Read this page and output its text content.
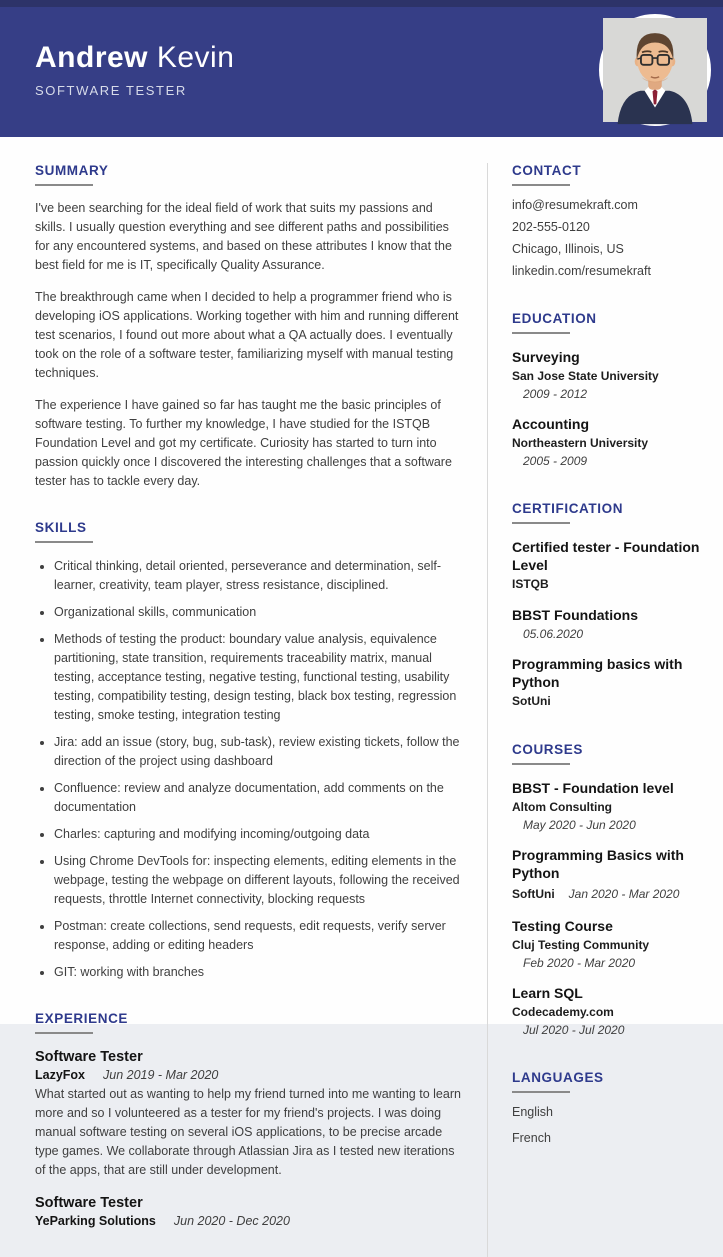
Andrew Kevin
SOFTWARE TESTER
SUMMARY

I've been searching for the ideal field of work that suits my passions and skills. I usually question everything and see different paths and possibilities for any encountered systems, and based on these attributes I know that the best field for me is IT, specifically Quality Assurance.

The breakthrough came when I decided to help a programmer friend who is developing iOS applications. Working together with him and running different test scenarios, I found out more about what a QA actually does. I eventually took on the role of a software tester, familiarizing myself with manual testing techniques.

The experience I have gained so far has taught me the basic principles of software testing. To further my knowledge, I have studied for the ISTQB Foundation Level and got my certificate. Curiosity has started to turn into passion quickly once I discovered the interesting challenges that a software tester has to tackle every day.

SKILLS
• Critical thinking, detail oriented, perseverance and determination, self-learner, creativity, team player, stress resistance, disciplined.
• Organizational skills, communication
• Methods of testing the product: boundary value analysis, equivalence partitioning, state transition, requirements traceability matrix, manual testing, acceptance testing, negative testing, functional testing, usability testing, compatibility testing, design testing, black box testing, regression testing, smoke testing, integration testing
• Jira: add an issue (story, bug, sub-task), review existing tickets, follow the direction of the project using dashboard
• Confluence: review and analyze documentation, add comments on the documentation
• Charles: capturing and modifying incoming/outgoing data
• Using Chrome DevTools for: inspecting elements, editing elements in the webpage, testing the webpage on different layouts, following the received requests, throttle Internet connectivity, blocking requests
• Postman: create collections, send requests, edit requests, verify server response, adding or editing headers
• GIT: working with branches
EXPERIENCE
Software Tester
LazyFox Jun 2019 - Mar 2020

What started out as wanting to help my friend turned into me wanting to learn more and so I volunteered as a tester for my friend's projects. I was doing manual software testing on several iOS applications, to be precise arcade type games. We collaborate through Atlassian Jira as I tested new iterations of the apps, that are still under development.

Software Tester
YeParking Solutions Jun 2020 - Dec 2020
CONTACT
info@resumekraft.com
202-555-0120
Chicago, Illinois, US
linkedin.com/resumekraft
EDUCATION
Surveying
San Jose State University
2009 - 2012
Accounting
Northeastern University
2005 - 2009
CERTIFICATION
Certified tester - Foundation Level
ISTQB
BBST Foundations
05.06.2020
Programming basics with Python
SotUni
COURSES
BBST - Foundation level
Altom Consulting
May 2020 - Jun 2020
Programming Basics with Python
SoftUni Jan 2020 - Mar 2020
Testing Course
Cluj Testing Community
Feb 2020 - Mar 2020
Learn SQL
Codecademy.com
Jul 2020 - Jul 2020
LANGUAGES
English
French
